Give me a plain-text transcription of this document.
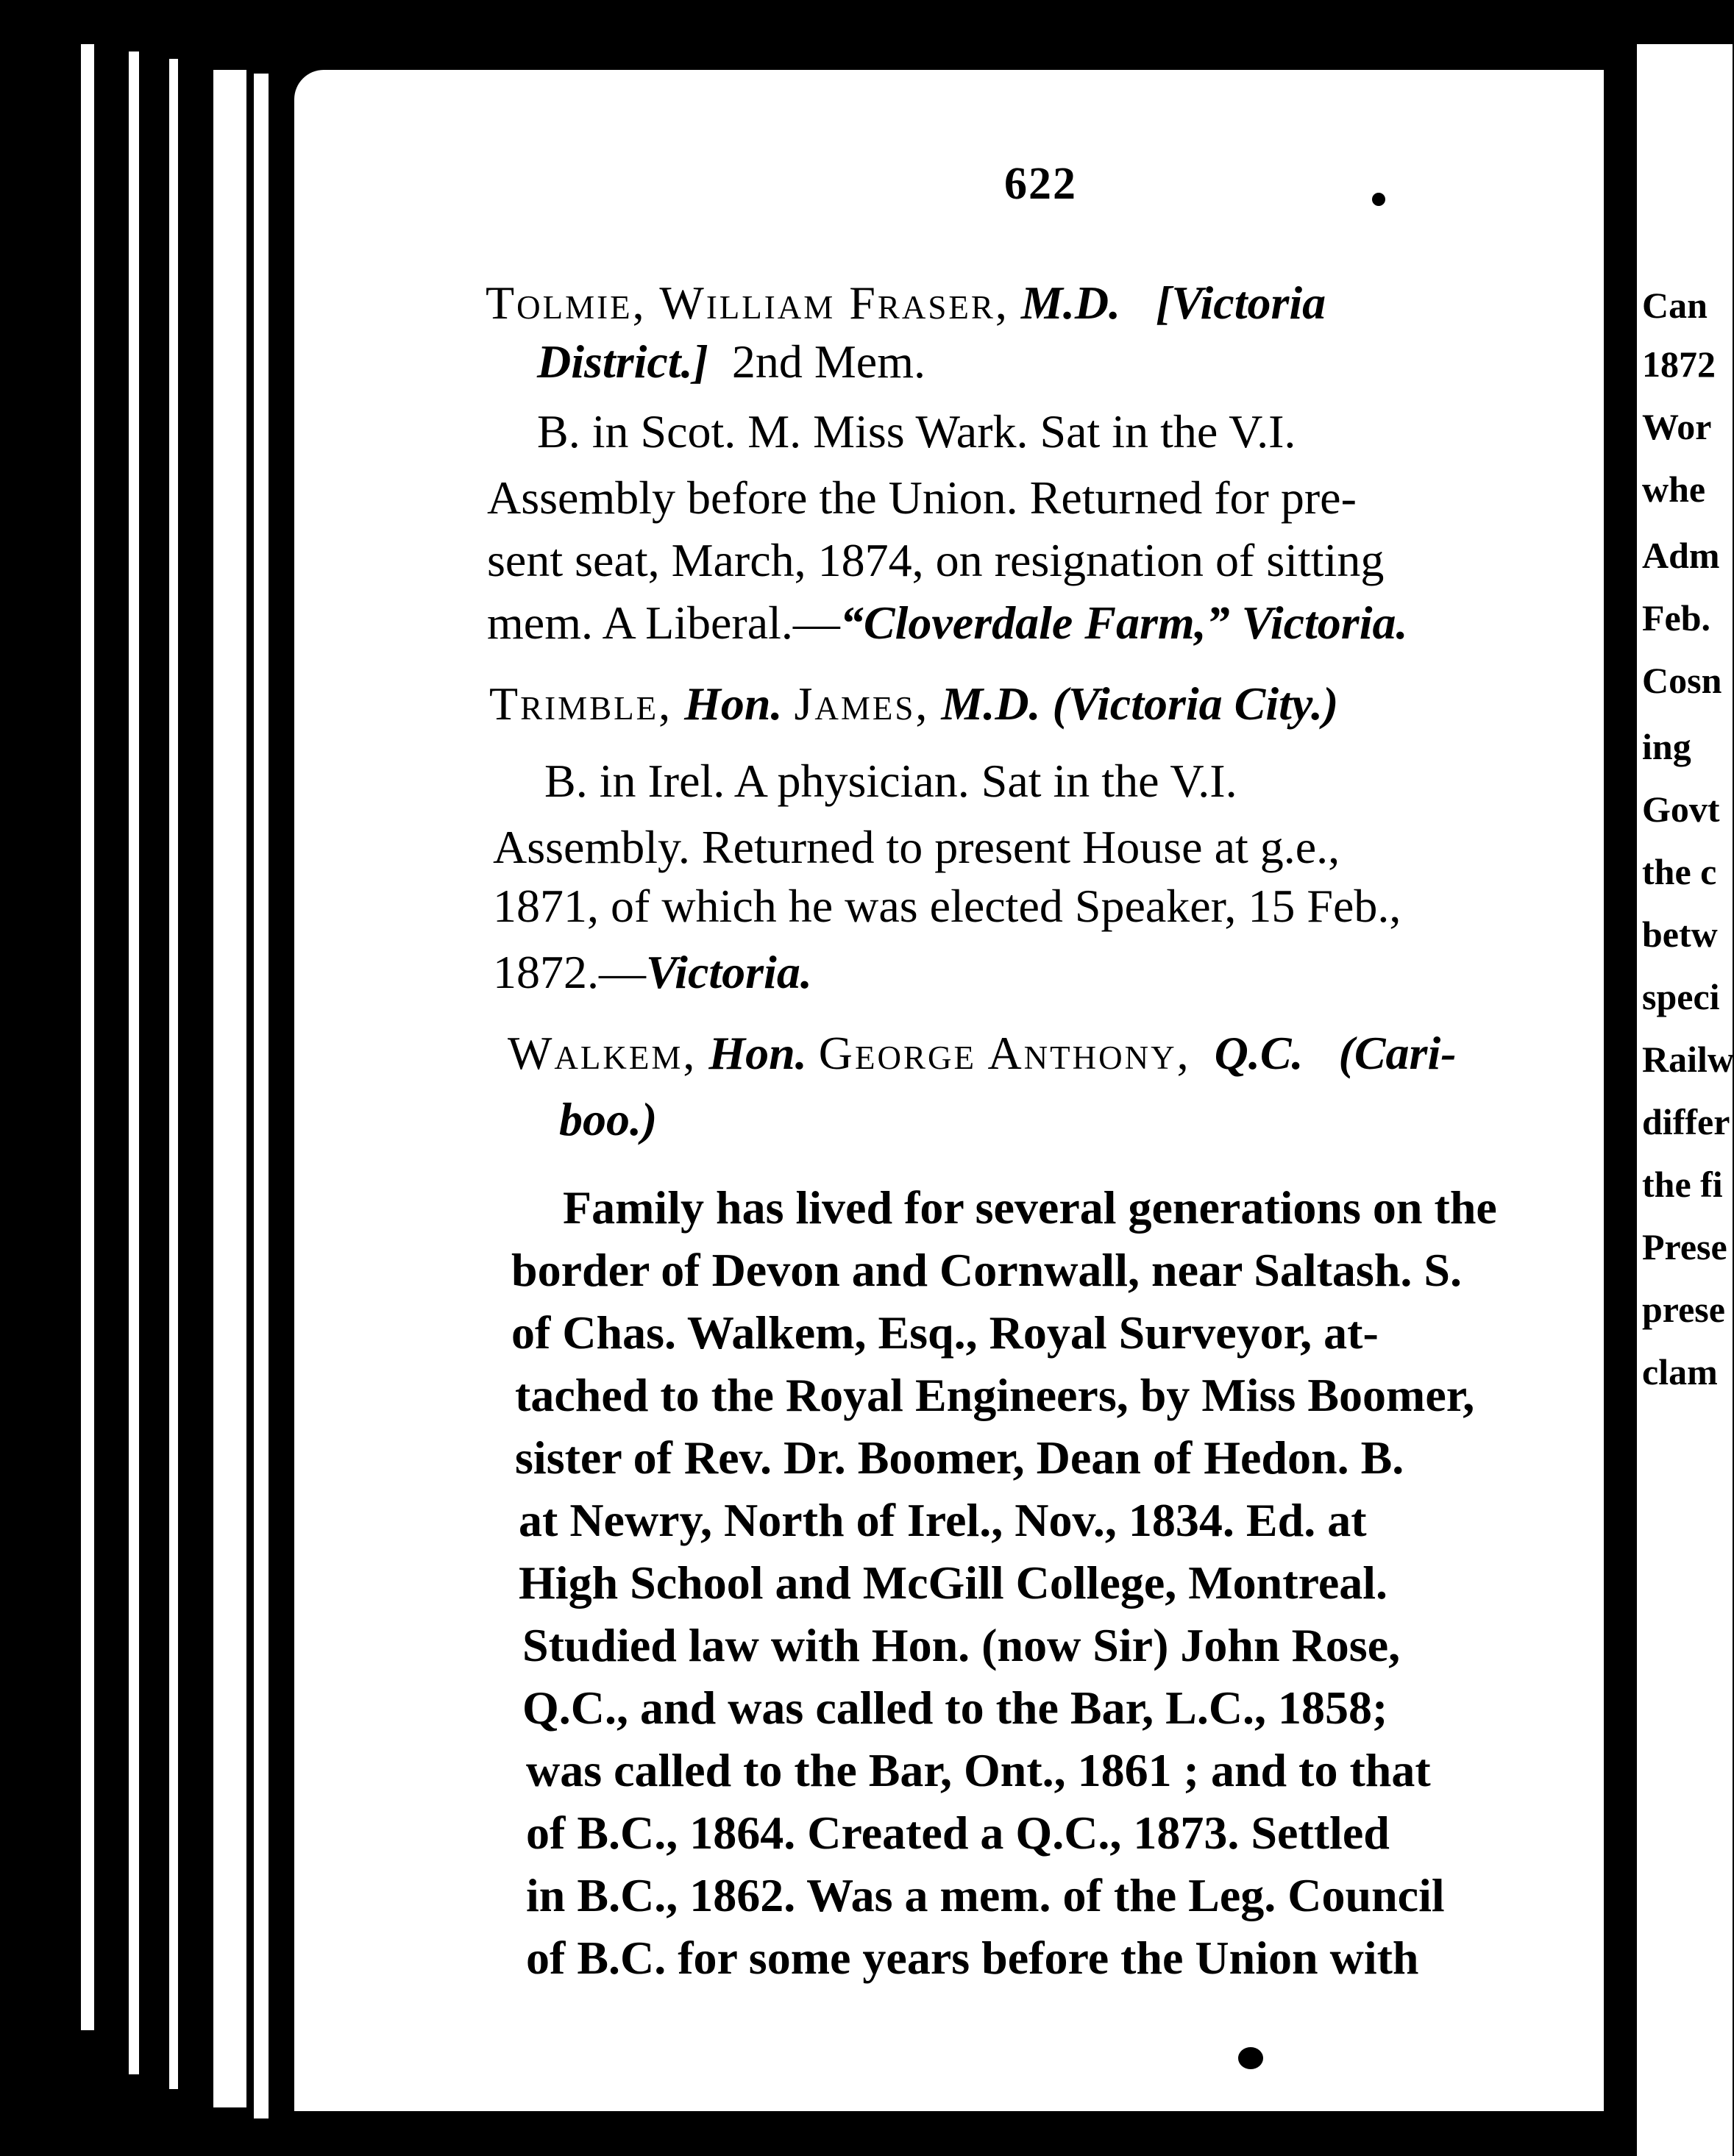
622
Tolmie, William Fraser, M.D. [Victoria
District.] 2nd Mem.
B. in Scot. M. Miss Wark. Sat in the V.I.
Assembly before the Union. Returned for pre-
sent seat, March, 1874, on resignation of sitting
mem. A Liberal.—“Cloverdale Farm,” Victoria.
Trimble, Hon. James, M.D. (Victoria City.)
B. in Irel. A physician. Sat in the V.I.
Assembly. Returned to present House at g.e.,
1871, of which he was elected Speaker, 15 Feb.,
1872.—Victoria.
Walkem, Hon. George Anthony, Q.C. (Cari-
boo.)
Family has lived for several generations on the
border of Devon and Cornwall, near Saltash. S.
of Chas. Walkem, Esq., Royal Surveyor, at-
tached to the Royal Engineers, by Miss Boomer,
sister of Rev. Dr. Boomer, Dean of Hedon. B.
at Newry, North of Irel., Nov., 1834. Ed. at
High School and McGill College, Montreal.
Studied law with Hon. (now Sir) John Rose,
Q.C., and was called to the Bar, L.C., 1858;
was called to the Bar, Ont., 1861 ; and to that
of B.C., 1864. Created a Q.C., 1873. Settled
in B.C., 1862. Was a mem. of the Leg. Council
of B.C. for some years before the Union with
Can
1872
Wor
whe
Adm
Feb.
Cosn
ing
Govt
the c
betw
speci
Railw
differ
the fi
Prese
prese
clam
